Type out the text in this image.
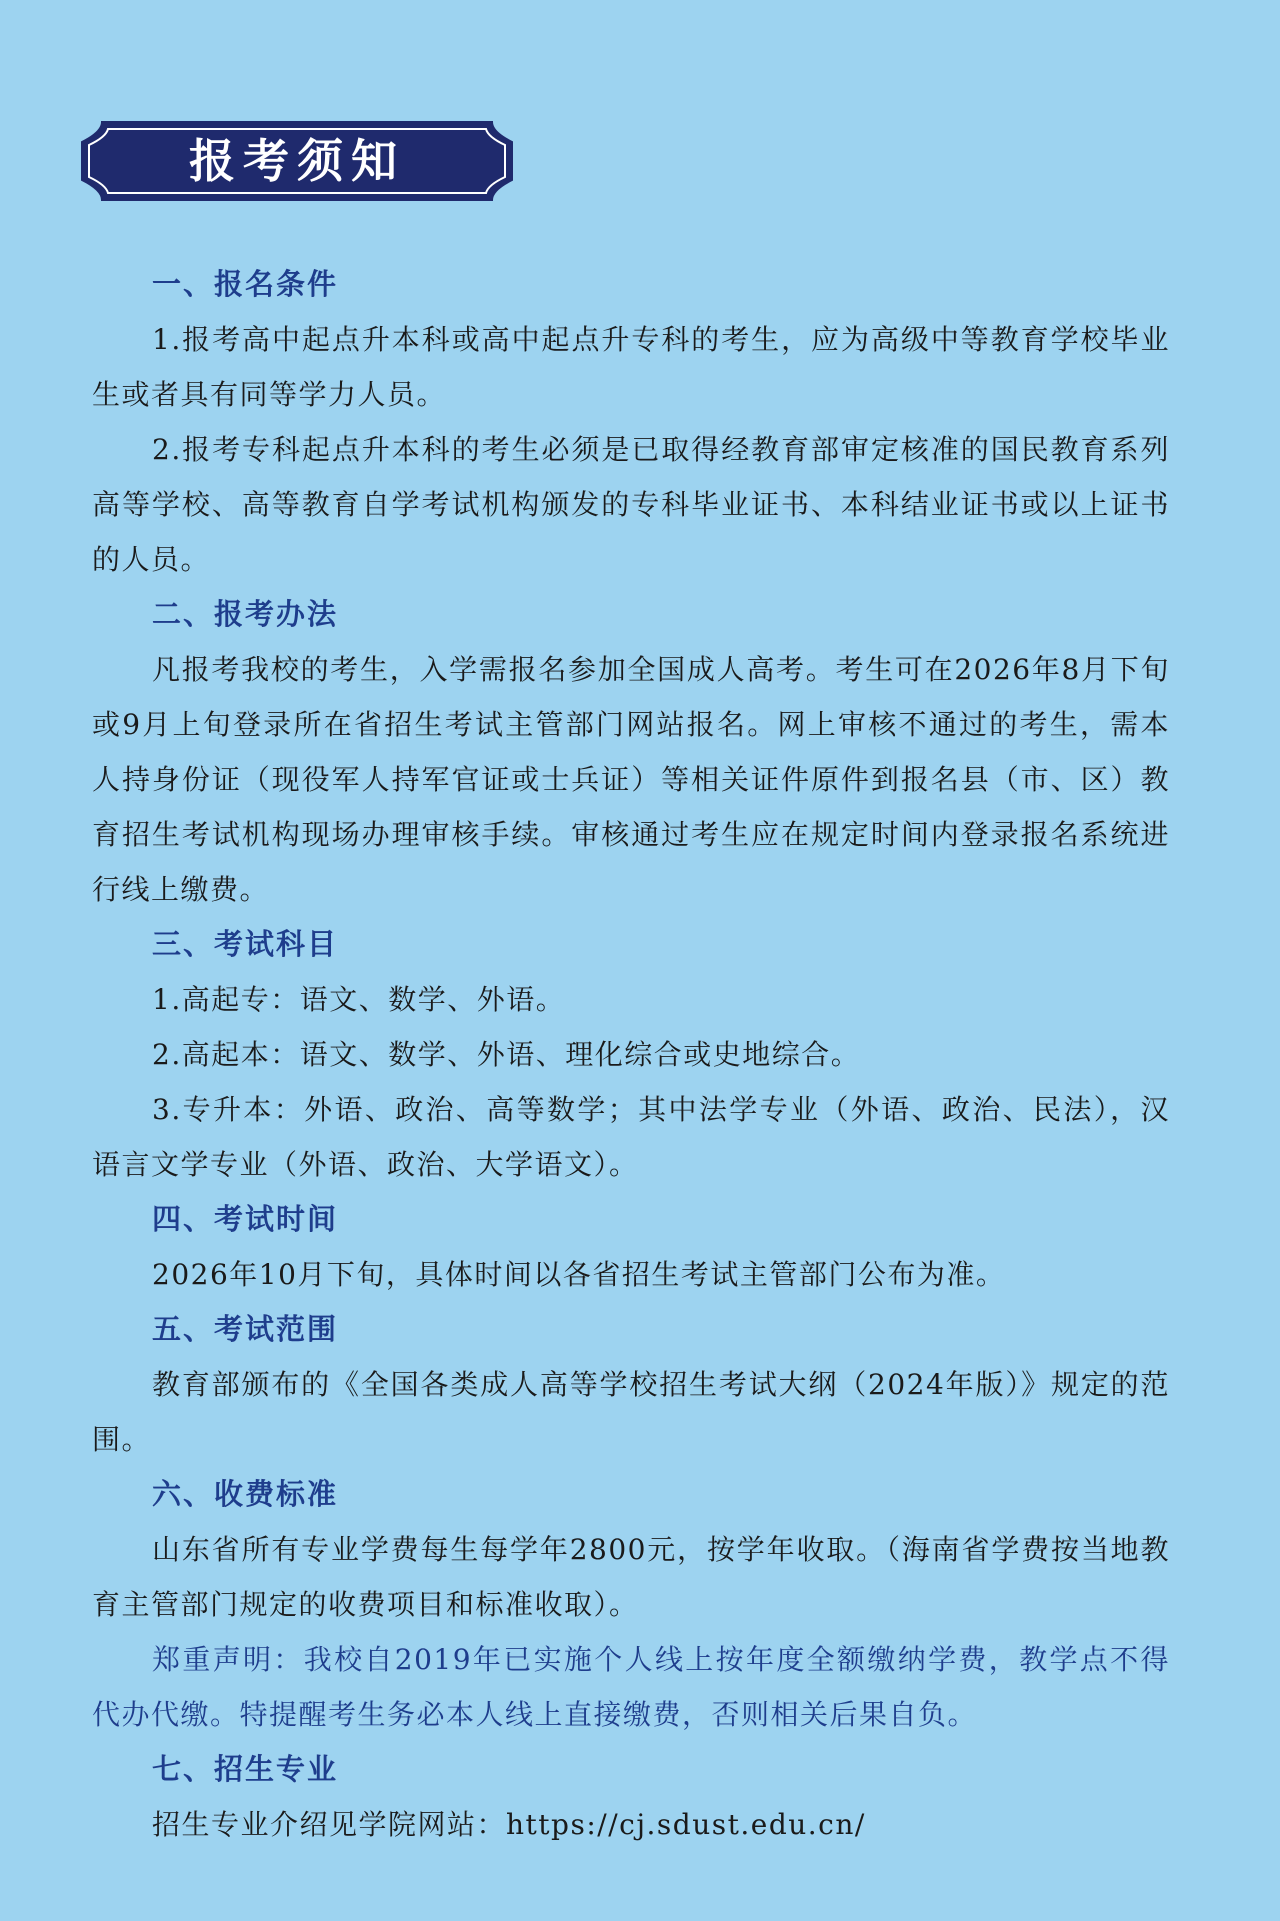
报考须知
一、报名条件

1.报考高中起点升本科或高中起点升专科的考生，应为高级中等教育学校毕业生或者具有同等学力人员。

2.报考专科起点升本科的考生必须是已取得经教育部审定核准的国民教育系列高等学校、高等教育自学考试机构颁发的专科毕业证书、本科结业证书或以上证书的人员。

二、报考办法

凡报考我校的考生，入学需报名参加全国成人高考。考生可在2026年8月下旬或9月上旬登录所在省招生考试主管部门网站报名。网上审核不通过的考生，需本人持身份证（现役军人持军官证或士兵证）等相关证件原件到报名县（市、区）教育招生考试机构现场办理审核手续。审核通过考生应在规定时间内登录报名系统进行线上缴费。

三、考试科目

1.高起专：语文、数学、外语。

2.高起本：语文、数学、外语、理化综合或史地综合。

3.专升本：外语、政治、高等数学；其中法学专业（外语、政治、民法），汉语言文学专业（外语、政治、大学语文）。

四、考试时间

2026年10月下旬，具体时间以各省招生考试主管部门公布为准。

五、考试范围

教育部颁布的《全国各类成人高等学校招生考试大纲（2024年版）》规定的范围。

六、收费标准

山东省所有专业学费每生每学年2800元，按学年收取。（海南省学费按当地教育主管部门规定的收费项目和标准收取）。

郑重声明：我校自2019年已实施个人线上按年度全额缴纳学费，教学点不得代办代缴。特提醒考生务必本人线上直接缴费，否则相关后果自负。

七、招生专业

招生专业介绍见学院网站：https://cj.sdust.edu.cn/
